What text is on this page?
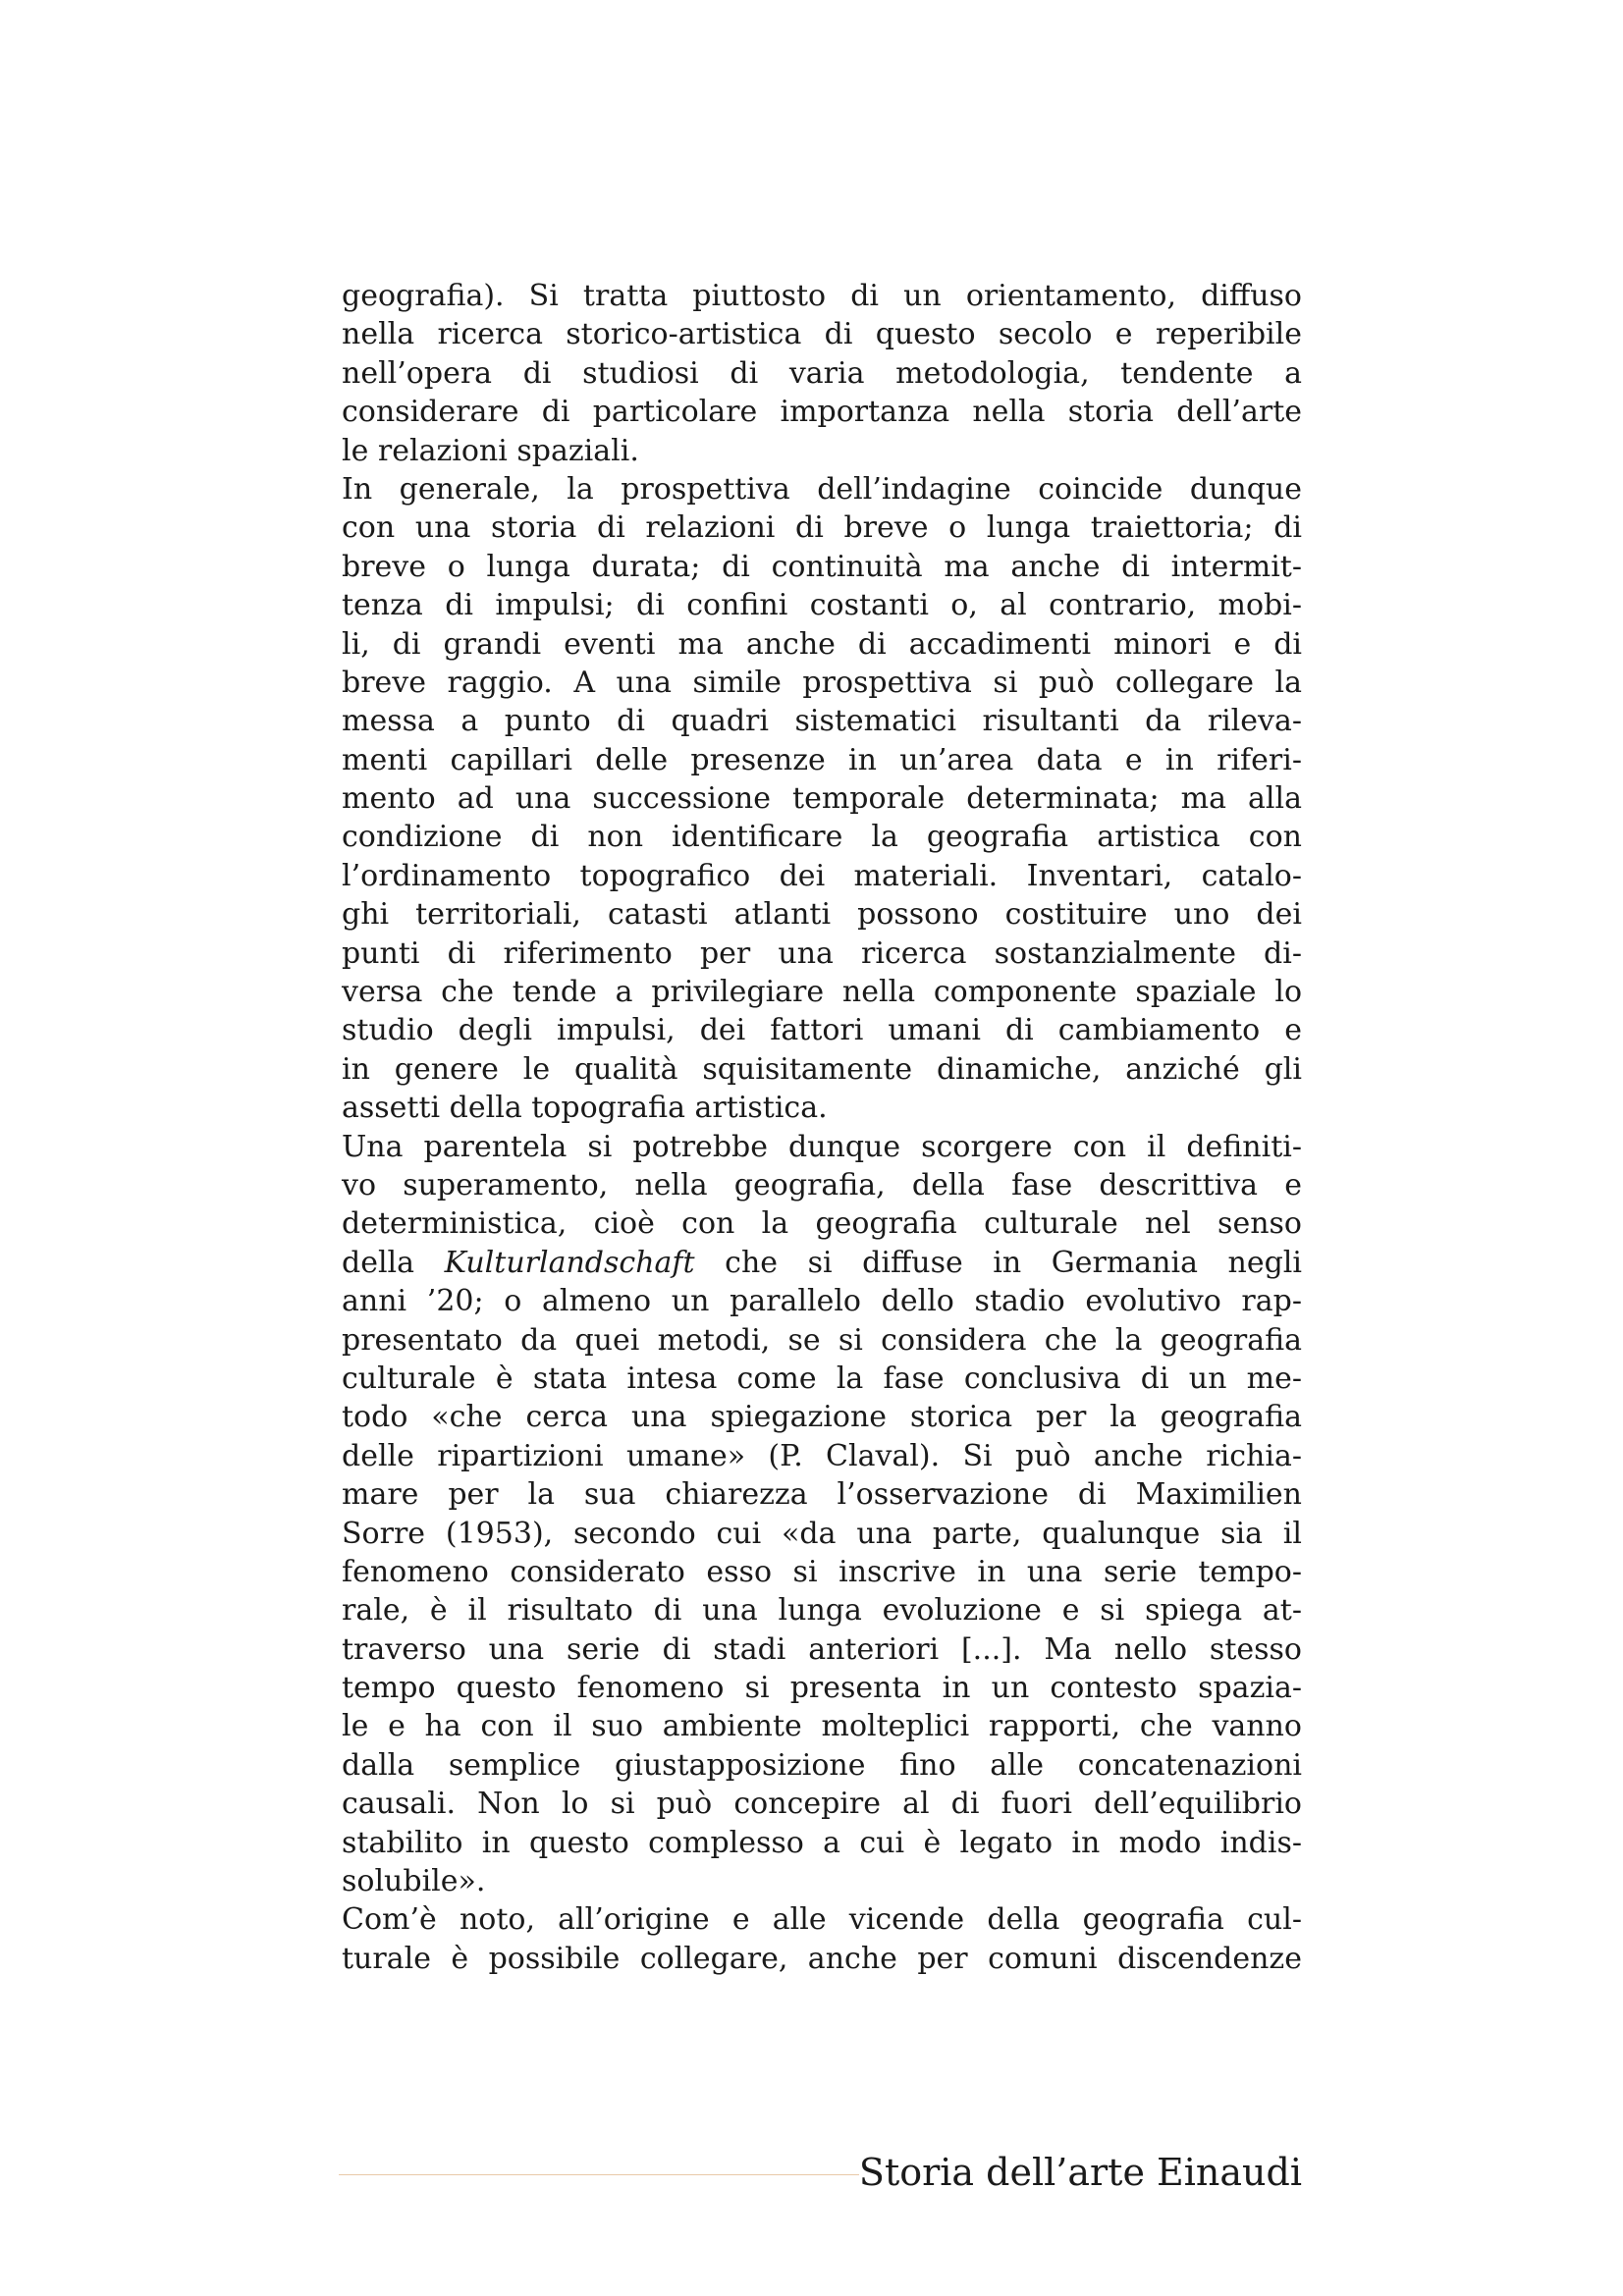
geografia). Si tratta piuttosto di un orientamento, diffuso
nella ricerca storico-artistica di questo secolo e reperibile
nell’opera di studiosi di varia metodologia, tendente a
considerare di particolare importanza nella storia dell’arte
le relazioni spaziali.
In generale, la prospettiva dell’indagine coincide dunque
con una storia di relazioni di breve o lunga traiettoria; di
breve o lunga durata; di continuità ma anche di intermit-
tenza di impulsi; di confini costanti o, al contrario, mobi-
li, di grandi eventi ma anche di accadimenti minori e di
breve raggio. A una simile prospettiva si può collegare la
messa a punto di quadri sistematici risultanti da rileva-
menti capillari delle presenze in un’area data e in riferi-
mento ad una successione temporale determinata; ma alla
condizione di non identificare la geografia artistica con
l’ordinamento topografico dei materiali. Inventari, catalo-
ghi territoriali, catasti atlanti possono costituire uno dei
punti di riferimento per una ricerca sostanzialmente di-
versa che tende a privilegiare nella componente spaziale lo
studio degli impulsi, dei fattori umani di cambiamento e
in genere le qualità squisitamente dinamiche, anziché gli
assetti della topografia artistica.
Una parentela si potrebbe dunque scorgere con il definiti-
vo superamento, nella geografia, della fase descrittiva e
deterministica, cioè con la geografia culturale nel senso
della Kulturlandschaft che si diffuse in Germania negli
anni ’20; o almeno un parallelo dello stadio evolutivo rap-
presentato da quei metodi, se si considera che la geografia
culturale è stata intesa come la fase conclusiva di un me-
todo «che cerca una spiegazione storica per la geografia
delle ripartizioni umane» (P. Claval). Si può anche richia-
mare per la sua chiarezza l’osservazione di Maximilien
Sorre (1953), secondo cui «da una parte, qualunque sia il
fenomeno considerato esso si inscrive in una serie tempo-
rale, è il risultato di una lunga evoluzione e si spiega at-
traverso una serie di stadi anteriori [...]. Ma nello stesso
tempo questo fenomeno si presenta in un contesto spazia-
le e ha con il suo ambiente molteplici rapporti, che vanno
dalla semplice giustapposizione fino alle concatenazioni
causali. Non lo si può concepire al di fuori dell’equilibrio
stabilito in questo complesso a cui è legato in modo indis-
solubile».
Com’è noto, all’origine e alle vicende della geografia cul-
turale è possibile collegare, anche per comuni discendenze
Storia dell’arte Einaudi
